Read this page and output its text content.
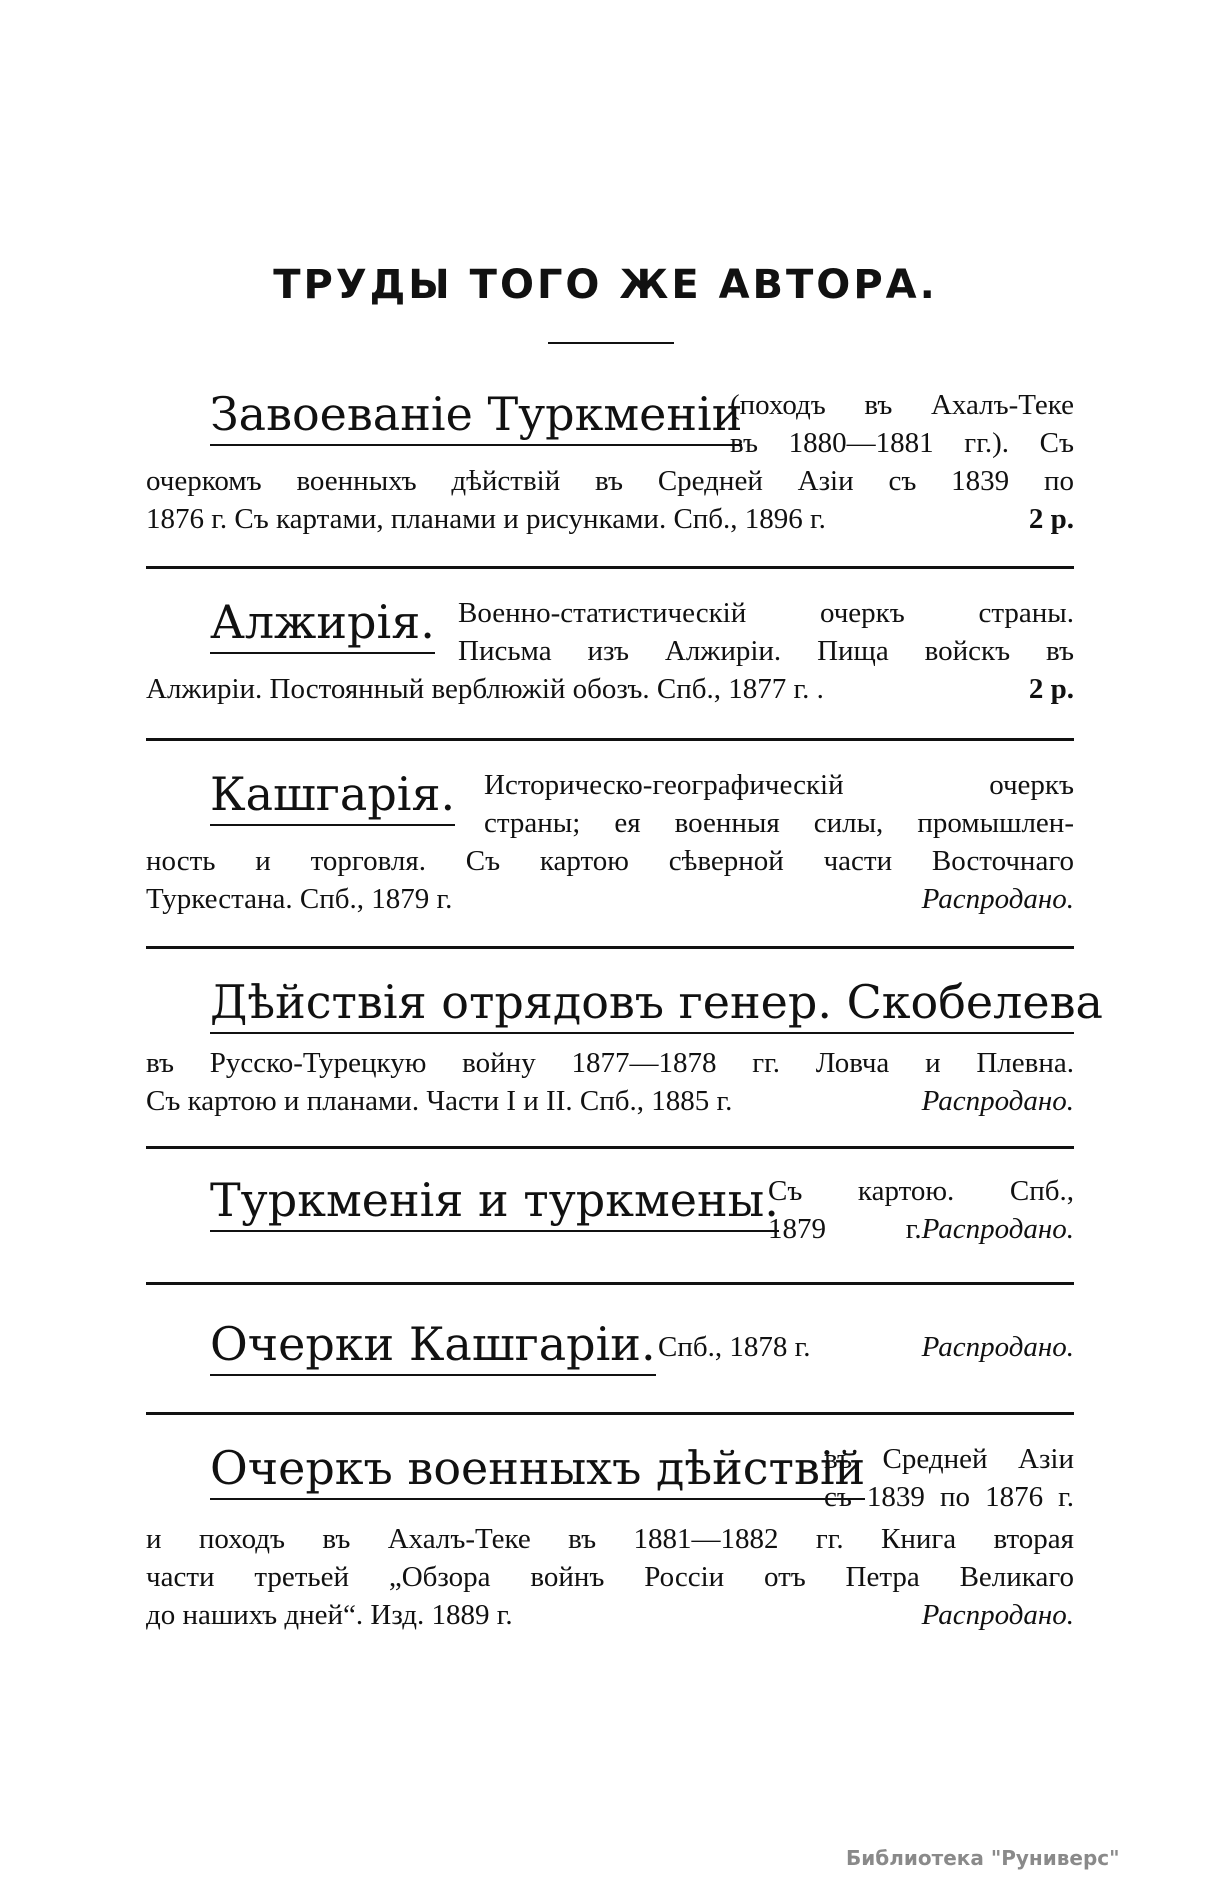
ТРУДЫ ТОГО ЖЕ АВТОРА.
Завоеваніе Туркменіи
(походъ въ Ахалъ-Теке
въ 1880—1881 гг.). Съ
очеркомъ военныхъ дѣйствій въ Средней Азіи съ 1839 по
1876 г. Съ картами, планами и рисунками. Спб., 1896 г.	2 р.
Алжирія. Военно-статистическій очеркъ страны.
Письма изъ Алжиріи. Пища войскъ въ
Алжиріи. Постоянный верблюжій обозъ. Спб., 1877 г. .	2 р.
Кашгарія. Историческо-географическій очеркъ
страны; ея военныя силы, промышлен-
ность и торговля. Съ картою сѣверной части Восточнаго
Туркестана. Спб., 1879 г.	Распродано.
Дѣйствія отрядовъ генер. Скобелева
въ Русско-Турецкую войну 1877—1878 гг. Ловча и Плевна.
Съ картою и планами. Части I и II. Спб., 1885 г.	Распродано.
Туркменія и туркмены.
Съ картою. Спб.,
1879 г. Распродано.
Очерки Кашгаріи. Спб., 1878 г.	Распродано.
Очеркъ военныхъ дѣйствій
въ Средней Азіи
съ 1839 по 1876 г.
и походъ въ Ахалъ-Теке въ 1881—1882 гг. Книга вторая
части третьей „Обзора войнъ Россіи отъ Петра Великаго
до нашихъ дней“. Изд. 1889 г.	Распродано.
Библиотека "Руниверс"
